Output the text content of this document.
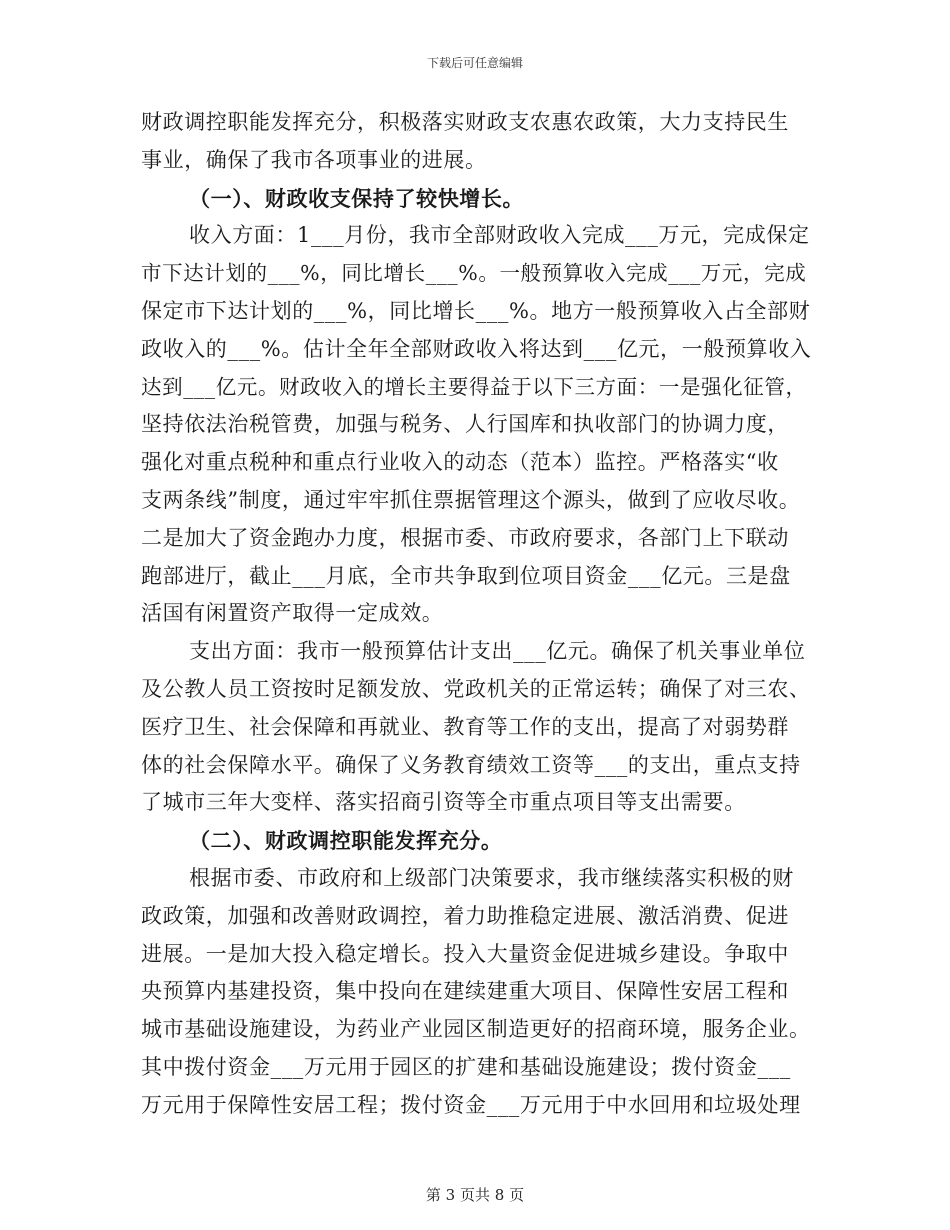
下载后可任意编辑
财政调控职能发挥充分，积极落实财政支农惠农政策，大力支持民生
事业，确保了我市各项事业的进展。
（一）、财政收支保持了较快增长。
收入方面：1___月份，我市全部财政收入完成___万元，完成保定
市下达计划的___%，同比增长___%。一般预算收入完成___万元，完成
保定市下达计划的___%，同比增长___%。地方一般预算收入占全部财
政收入的___%。估计全年全部财政收入将达到___亿元，一般预算收入
达到___亿元。财政收入的增长主要得益于以下三方面：一是强化征管，
坚持依法治税管费，加强与税务、人行国库和执收部门的协调力度，
强化对重点税种和重点行业收入的动态（范本）监控。严格落实“收
支两条线”制度，通过牢牢抓住票据管理这个源头，做到了应收尽收。
二是加大了资金跑办力度，根据市委、市政府要求，各部门上下联动
跑部进厅，截止___月底，全市共争取到位项目资金___亿元。三是盘
活国有闲置资产取得一定成效。
支出方面：我市一般预算估计支出___亿元。确保了机关事业单位
及公教人员工资按时足额发放、党政机关的正常运转；确保了对三农、
医疗卫生、社会保障和再就业、教育等工作的支出，提高了对弱势群
体的社会保障水平。确保了义务教育绩效工资等___的支出，重点支持
了城市三年大变样、落实招商引资等全市重点项目等支出需要。
（二）、财政调控职能发挥充分。
根据市委、市政府和上级部门决策要求，我市继续落实积极的财
政政策，加强和改善财政调控，着力助推稳定进展、激活消费、促进
进展。一是加大投入稳定增长。投入大量资金促进城乡建设。争取中
央预算内基建投资，集中投向在建续建重大项目、保障性安居工程和
城市基础设施建设，为药业产业园区制造更好的招商环境，服务企业。
其中拨付资金___万元用于园区的扩建和基础设施建设；拨付资金___
万元用于保障性安居工程；拨付资金___万元用于中水回用和垃圾处理
第 3 页共 8 页
